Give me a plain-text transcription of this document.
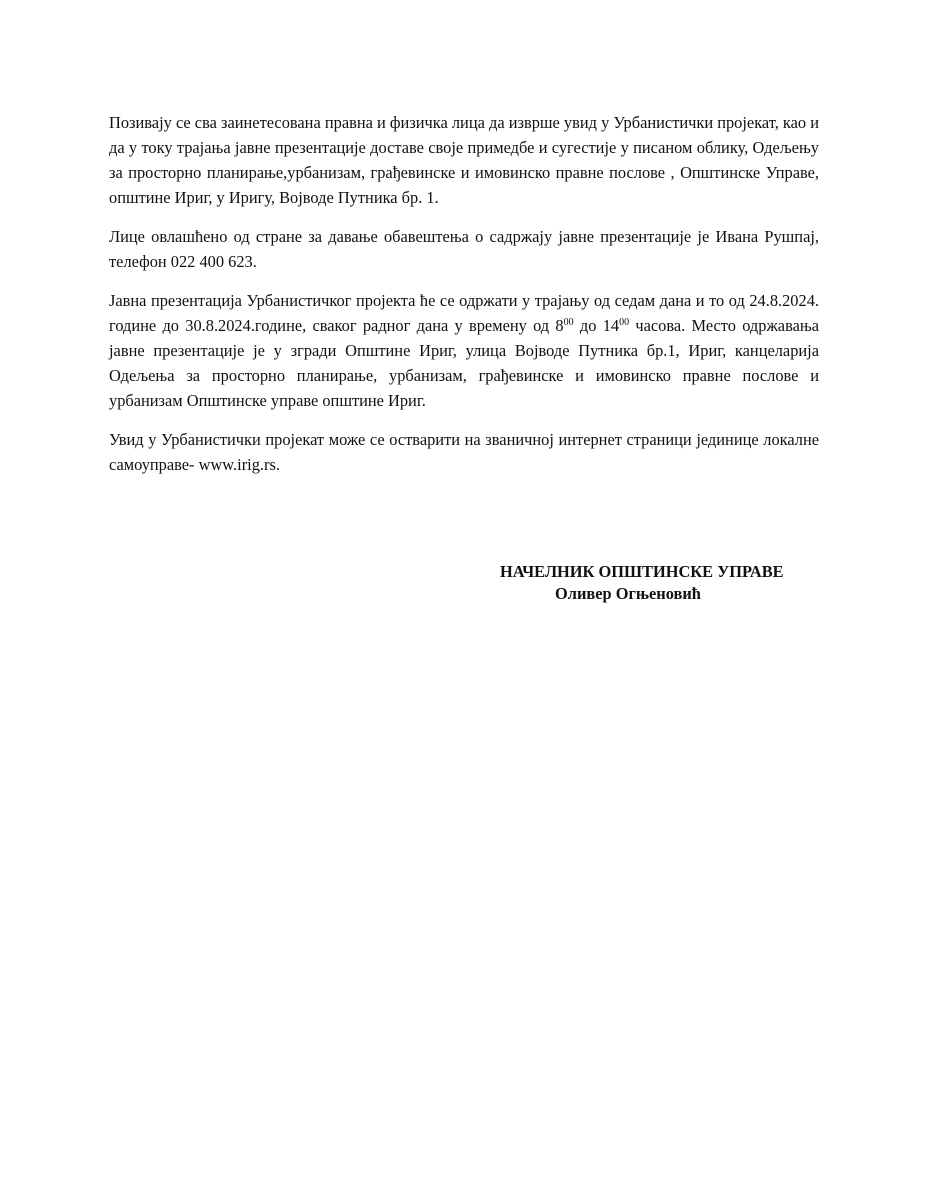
Позивају се сва заинетесована правна и физичка лица да изврше увид у Урбанистички пројекат, као и да у току трајања јавне презентације доставе своје примедбе и сугестије у писаном облику, Одељењу за просторно планирање,урбанизам, грађевинске и имовинско правне послове , Општинске Управе, општине Ириг, у Иригу, Војводе Путника бр. 1.

Лице овлашћено од стране за давање обавештења о садржају јавне презентације је Ивана Рушпај, телефон 022 400 623.

Јавна презентација Урбанистичког пројекта ће се одржати у трајању од седам дана и то од 24.8.2024. године до 30.8.2024.године, сваког радног дана у времену од $8^{00}$ до $14^{00}$ часова. Место одржавања јавне презентације је у згради Општине Ириг, улица Војводе Путника бр.1, Ириг, канцеларија Одељења за просторно планирање, урбанизам, грађевинске и имовинско правне послове и урбанизам Општинске управе општине Ириг.

Увид у Урбанистички пројекат може се остварити на званичној интернет страници јединице локалне самоуправе- www.irig.rs.

НАЧЕЛНИК ОПШТИНСКЕ УПРАВЕ
Оливер Огњеновић
